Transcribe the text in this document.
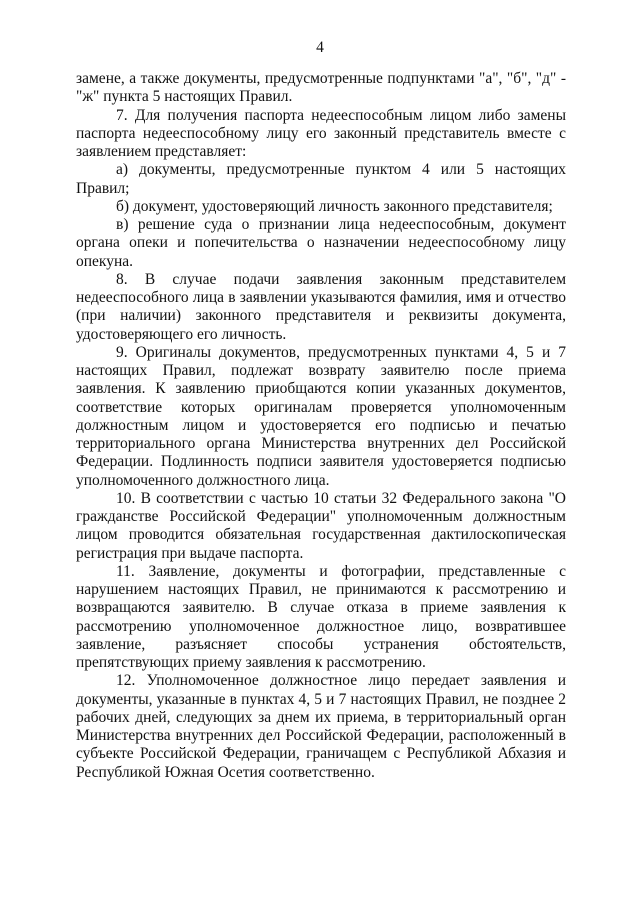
4

замене, а также документы, предусмотренные подпунктами "а", "б", "д" - "ж" пункта 5 настоящих Правил.

7. Для получения паспорта недееспособным лицом либо замены паспорта недееспособному лицу его законный представитель вместе с заявлением представляет:

а) документы, предусмотренные пунктом 4 или 5 настоящих Правил;

б) документ, удостоверяющий личность законного представителя;

в) решение суда о признании лица недееспособным, документ органа опеки и попечительства о назначении недееспособному лицу опекуна.

8. В случае подачи заявления законным представителем недееспособного лица в заявлении указываются фамилия, имя и отчество (при наличии) законного представителя и реквизиты документа, удостоверяющего его личность.

9. Оригиналы документов, предусмотренных пунктами 4, 5 и 7 настоящих Правил, подлежат возврату заявителю после приема заявления. К заявлению приобщаются копии указанных документов, соответствие которых оригиналам проверяется уполномоченным должностным лицом и удостоверяется его подписью и печатью территориального органа Министерства внутренних дел Российской Федерации. Подлинность подписи заявителя удостоверяется подписью уполномоченного должностного лица.

10. В соответствии с частью 10 статьи 32 Федерального закона "О гражданстве Российской Федерации" уполномоченным должностным лицом проводится обязательная государственная дактилоскопическая регистрация при выдаче паспорта.

11. Заявление, документы и фотографии, представленные с нарушением настоящих Правил, не принимаются к рассмотрению и возвращаются заявителю. В случае отказа в приеме заявления к рассмотрению уполномоченное должностное лицо, возвратившее заявление, разъясняет способы устранения обстоятельств, препятствующих приему заявления к рассмотрению.

12. Уполномоченное должностное лицо передает заявления и документы, указанные в пунктах 4, 5 и 7 настоящих Правил, не позднее 2 рабочих дней, следующих за днем их приема, в территориальный орган Министерства внутренних дел Российской Федерации, расположенный в субъекте Российской Федерации, граничащем с Республикой Абхазия и Республикой Южная Осетия соответственно.
